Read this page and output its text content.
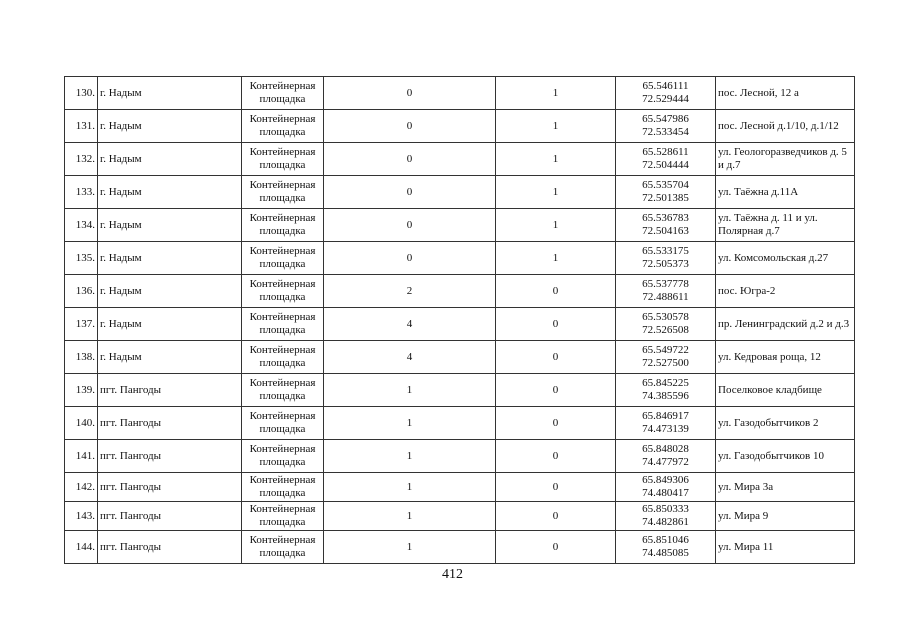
130.	г. Надым	Контейнерная
площадка	0	1	65.546111
72.529444	пос. Лесной, 12 а
131.	г. Надым	Контейнерная
площадка	0	1	65.547986
72.533454	пос. Лесной д.1/10, д.1/12
132.	г. Надым	Контейнерная
площадка	0	1	65.528611
72.504444	ул. Геологоразведчиков д. 5 и д.7
133.	г. Надым	Контейнерная
площадка	0	1	65.535704
72.501385	ул. Таёжна д.11А
134.	г. Надым	Контейнерная
площадка	0	1	65.536783
72.504163	ул. Таёжна д. 11 и ул. Полярная д.7
135.	г. Надым	Контейнерная
площадка	0	1	65.533175
72.505373	ул. Комсомольская д.27
136.	г. Надым	Контейнерная
площадка	2	0	65.537778
72.488611	пос. Югра-2
137.	г. Надым	Контейнерная
площадка	4	0	65.530578
72.526508	пр. Ленинградский д.2 и д.3
138.	г. Надым	Контейнерная
площадка	4	0	65.549722
72.527500	ул. Кедровая роща, 12
139.	пгт. Пангоды	Контейнерная
площадка	1	0	65.845225
74.385596	Поселковое кладбище
140.	пгт. Пангоды	Контейнерная
площадка	1	0	65.846917
74.473139	ул. Газодобытчиков 2
141.	пгт. Пангоды	Контейнерная
площадка	1	0	65.848028
74.477972	ул. Газодобытчиков 10
142.	пгт. Пангоды	Контейнерная
площадка	1	0	65.849306
74.480417	ул. Мира 3а
143.	пгт. Пангоды	Контейнерная
площадка	1	0	65.850333
74.482861	ул. Мира 9
144.	пгт. Пангоды	Контейнерная
площадка	1	0	65.851046
74.485085	ул. Мира 11
412
